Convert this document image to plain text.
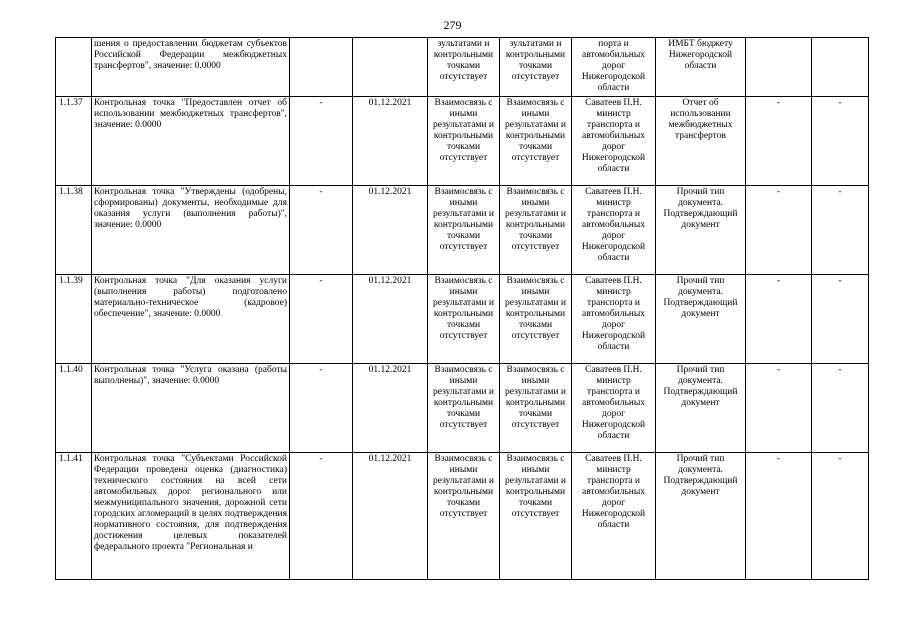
279
	шения о предоставлении бюджетам субъектов Российской Федерации межбюджетных трансфертов", значение: 0.0000			зультатами и контрольными точками отсутствует	зультатами и контрольными точками отсутствует	порта и автомобильных дорог Нижегородской области	ИМБТ бюджету Нижегородской области		
1.1.37	Контрольная точка "Предоставлен отчет об использовании межбюджетных трансфертов", значение: 0.0000	-	01.12.2021	Взаимосвязь с иными результатами и контрольными точками отсутствует	Взаимосвязь с иными результатами и контрольными точками отсутствует	Саватеев П.Н. министр транспорта и автомобильных дорог Нижегородской области	Отчет об использовании межбюджетных трансфертов	-	-
1.1.38	Контрольная точка "Утверждены (одобрены, сформированы) документы, необходимые для оказания услуги (выполнения работы)", значение: 0.0000	-	01.12.2021	Взаимосвязь с иными результатами и контрольными точками отсутствует	Взаимосвязь с иными результатами и контрольными точками отсутствует	Саватеев П.Н. министр транспорта и автомобильных дорог Нижегородской области	Прочий тип документа. Подтверждающий документ	-	-
1.1.39	Контрольная точка "Для оказания услуги (выполнения работы) подготовлено материально-техническое (кадровое) обеспечение", значение: 0.0000	-	01.12.2021	Взаимосвязь с иными результатами и контрольными точками отсутствует	Взаимосвязь с иными результатами и контрольными точками отсутствует	Саватеев П.Н. министр транспорта и автомобильных дорог Нижегородской области	Прочий тип документа. Подтверждающий документ	-	-
1.1.40	Контрольная точка "Услуга оказана (работы выполнены)", значение: 0.0000	-	01.12.2021	Взаимосвязь с иными результатами и контрольными точками отсутствует	Взаимосвязь с иными результатами и контрольными точками отсутствует	Саватеев П.Н. министр транспорта и автомобильных дорог Нижегородской области	Прочий тип документа. Подтверждающий документ	-	-
1.1.41	Контрольная точка "Субъектами Российской Федерации проведена оценка (диагностика) технического состояния на всей сети автомобильных дорог регионального или межмуниципального значения, дорожной сети городских агломераций в целях подтверждения нормативного состояния, для подтверждения достижения целевых показателей федерального проекта "Региональная и	-	01.12.2021	Взаимосвязь с иными результатами и контрольными точками отсутствует	Взаимосвязь с иными результатами и контрольными точками отсутствует	Саватеев П.Н. министр транспорта и автомобильных дорог Нижегородской области	Прочий тип документа. Подтверждающий документ	-	-
